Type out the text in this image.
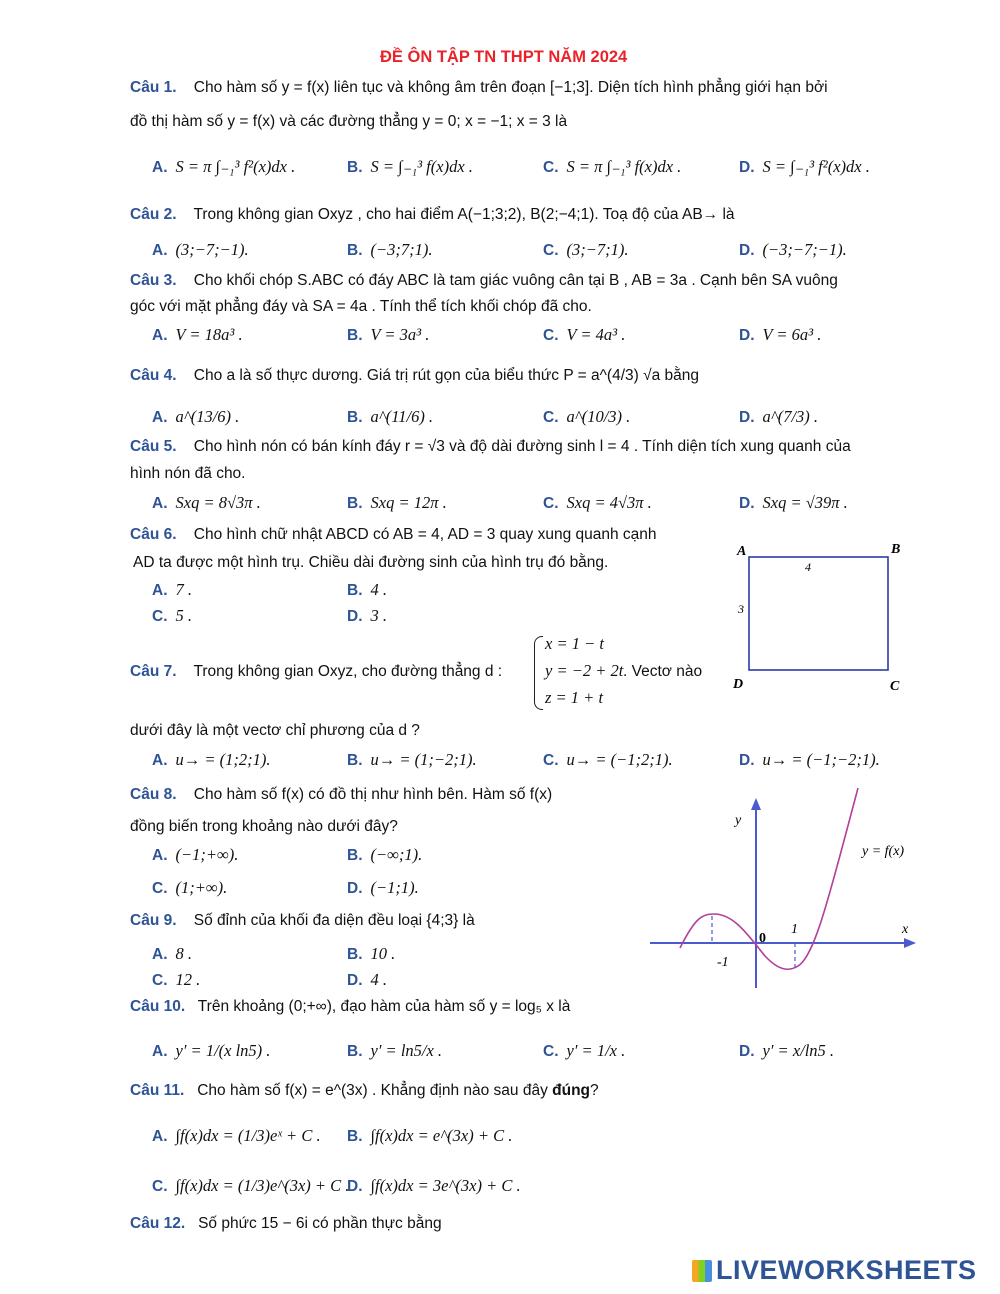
ĐỀ ÔN TẬP TN THPT NĂM 2024
Câu 1. Cho hàm số y = f(x) liên tục và không âm trên đoạn [−1;3]. Diện tích hình phẳng giới hạn bởi
đồ thị hàm số y = f(x) và các đường thẳng y = 0; x = −1; x = 3 là
A. S = π ∫₋₁³ f²(x)dx .	B. S = ∫₋₁³ f(x)dx .	C. S = π ∫₋₁³ f(x)dx .	D. S = ∫₋₁³ f²(x)dx .
Câu 2. Trong không gian Oxyz , cho hai điểm A(−1;3;2), B(2;−4;1). Toạ độ của AB→ là
A. (3;−7;−1).	B. (−3;7;1).	C. (3;−7;1).	D. (−3;−7;−1).
Câu 3. Cho khối chóp S.ABC có đáy ABC là tam giác vuông cân tại B , AB = 3a . Cạnh bên SA vuông
góc với mặt phẳng đáy và SA = 4a . Tính thể tích khối chóp đã cho.
A. V = 18a³ .	B. V = 3a³ .	C. V = 4a³ .	D. V = 6a³ .
Câu 4. Cho a là số thực dương. Giá trị rút gọn của biểu thức P = a^(4/3) √a bằng
A. a^(13/6) .	B. a^(11/6) .	C. a^(10/3) .	D. a^(7/3) .
Câu 5. Cho hình nón có bán kính đáy r = √3 và độ dài đường sinh l = 4 . Tính diện tích xung quanh của
hình nón đã cho.
A. Sxq = 8√3π .	B. Sxq = 12π .	C. Sxq = 4√3π .	D. Sxq = √39π .
Câu 6. Cho hình chữ nhật ABCD có AB = 4, AD = 3 quay xung quanh cạnh
AD ta được một hình trụ. Chiều dài đường sinh của hình trụ đó bằng.
A. 7 .	B. 4 .
C. 5 .	D. 3 .
A	B
C
D
4
3
Câu 7. Trong không gian Oxyz, cho đường thẳng d :
x = 1 − t
y = −2 + 2t
z = 1 + t
. Vectơ nào
dưới đây là một vectơ chỉ phương của d ?
A. u→ = (1;2;1).	B. u→ = (1;−2;1).	C. u→ = (−1;2;1).	D. u→ = (−1;−2;1).
Câu 8. Cho hàm số f(x) có đồ thị như hình bên. Hàm số f(x)
đồng biến trong khoảng nào dưới đây?
A. (−1;+∞).	B. (−∞;1).
C. (1;+∞).	D. (−1;1).
y
x
0
1
-1
y = f(x)
Câu 9. Số đỉnh của khối đa diện đều loại {4;3} là
A. 8 .	B. 10 .
C. 12 .	D. 4 .
Câu 10. Trên khoảng (0;+∞), đạo hàm của hàm số y = log₅ x là
A. y′ = 1/(x ln5) .	B. y′ = ln5/x .	C. y′ = 1/x .	D. y′ = x/ln5 .
Câu 11. Cho hàm số f(x) = e^(3x) . Khẳng định nào sau đây đúng?
A. ∫f(x)dx = (1/3)eˣ + C . B. ∫f(x)dx = e^(3x) + C .
C. ∫f(x)dx = (1/3)e^(3x) + C .
D. ∫f(x)dx = 3e^(3x) + C .
Câu 12. Số phức 15 − 6i có phần thực bằng
LIVEWORKSHEETS
